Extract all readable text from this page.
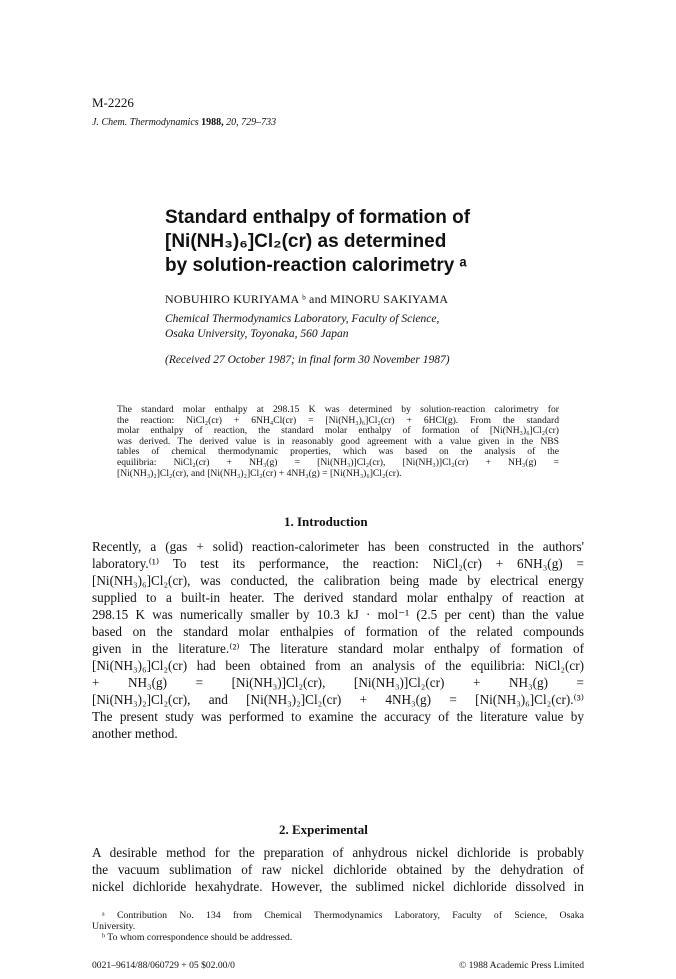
M-2226
J. Chem. Thermodynamics 1988, 20, 729–733
Standard enthalpy of formation of
[Ni(NH₃)₆]Cl₂(cr) as determined
by solution-reaction calorimetry ᵃ
NOBUHIRO KURIYAMA ᵇ and MINORU SAKIYAMA
Chemical Thermodynamics Laboratory, Faculty of Science,
Osaka University, Toyonaka, 560 Japan
(Received 27 October 1987; in final form 30 November 1987)
The standard molar enthalpy at 298.15 K was determined by solution-reaction calorimetry for
the reaction: NiCl₂(cr) + 6NH₄Cl(cr) = [Ni(NH₃)₆]Cl₂(cr) + 6HCl(g). From the standard
molar enthalpy of reaction, the standard molar enthalpy of formation of [Ni(NH₃)₆]Cl₂(cr)
was derived. The derived value is in reasonably good agreement with a value given in the NBS
tables of chemical thermodynamic properties, which was based on the analysis of the
equilibria: NiCl₂(cr) + NH₃(g) = [Ni(NH₃)]Cl₂(cr), [Ni(NH₃)]Cl₂(cr) + NH₃(g) =
[Ni(NH₃)₂]Cl₂(cr), and [Ni(NH₃)₂]Cl₂(cr) + 4NH₃(g) = [Ni(NH₃)₆]Cl₂(cr).
1. Introduction
Recently, a (gas + solid) reaction-calorimeter has been constructed in the authors'
laboratory.⁽¹⁾ To test its performance, the reaction: NiCl₂(cr) + 6NH₃(g) =
[Ni(NH₃)₆]Cl₂(cr), was conducted, the calibration being made by electrical energy
supplied to a built-in heater. The derived standard molar enthalpy of reaction at
298.15 K was numerically smaller by 10.3 kJ · mol⁻¹ (2.5 per cent) than the value
based on the standard molar enthalpies of formation of the related compounds
given in the literature.⁽²⁾ The literature standard molar enthalpy of formation of
[Ni(NH₃)₆]Cl₂(cr) had been obtained from an analysis of the equilibria: NiCl₂(cr)
+ NH₃(g) = [Ni(NH₃)]Cl₂(cr), [Ni(NH₃)]Cl₂(cr) + NH₃(g) =
[Ni(NH₃)₂]Cl₂(cr), and [Ni(NH₃)₂]Cl₂(cr) + 4NH₃(g) = [Ni(NH₃)₆]Cl₂(cr).⁽³⁾
The present study was performed to examine the accuracy of the literature value by
another method.
2. Experimental
A desirable method for the preparation of anhydrous nickel dichloride is probably
the vacuum sublimation of raw nickel dichloride obtained by the dehydration of
nickel dichloride hexahydrate. However, the sublimed nickel dichloride dissolved in
ᵃ Contribution No. 134 from Chemical Thermodynamics Laboratory, Faculty of Science, Osaka
University.
ᵇ To whom correspondence should be addressed.
0021–9614/88/060729 + 05 $02.00/0	© 1988 Academic Press Limited
